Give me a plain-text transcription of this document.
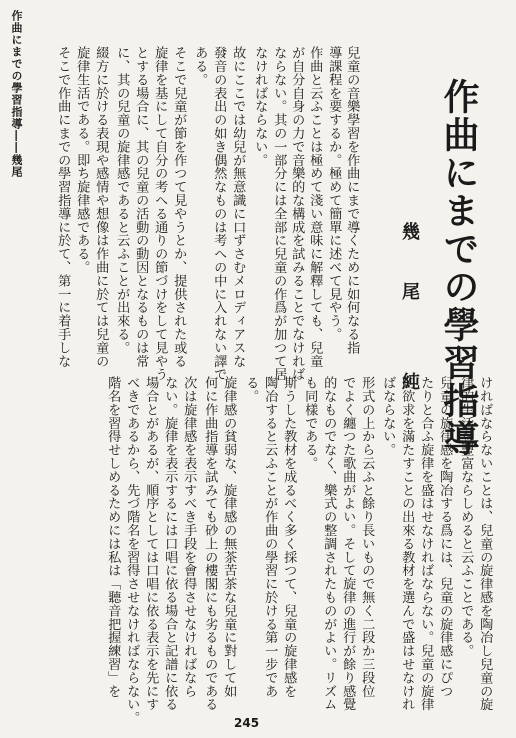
作曲にまでの學習指導――幾尾	作曲にまでの學習指導
幾　尾　　純
兒童の音樂學習を作曲にまで導くために如何なる指
導課程を要するか。極めて簡單に述べて見やう。
作曲と云ふことは極めて淺い意味に解釋しても、兒童
が自分自身の力で音樂的な構成を試みることでなければ
ならない。其の一部分には全部に兒童の作爲が加つて居
なければならない。
故にここでは幼兒が無意識に口ずさむメロディアスな
發音の表出の如き偶然なものは考への中に入れない譯で
ある。
そこで兒童が節を作つて見やうとか、提供された或る
旋律を基にして自分の考へる通りの節づけをして見やう
とする場合に、其の兒童の活動の動因となるものは常
に、其の兒童の旋律感であると云ふことが出來る。
綴方に於ける表現や感情や想像は作曲に於ては兒童の
旋律生活である。即ち旋律感である。
そこで作曲にまでの學習指導に於て、第一に着手しな
ければならないことは、兒童の旋律感を陶冶し兒童の旋
律的生活を豐富ならしめると云ふことである。
兒童の旋律感を陶冶する爲には、兒童の旋律感にぴつ
たりと合ふ旋律を盛はせなければならない。兒童の旋律
的欲求を滿たすことの出來る教材を選んで盛はせなけれ
ばならない。
形式の上から云ふと餘り長いもので無く二段か三段位
でよく纏つた歌曲がよい。そして旋律の進行が餘り感覺
的なものでなく、樂式の整調されたものがよい。リズム
も同樣である。
斯うした教材を成るべく多く採つて、兒童の旋律感を
陶冶すると云ふことが作曲の學習に於ける第一步であ
る。
旋律感の貧弱な、旋律感の無茶苦茶な兒童に對して如
何に作曲指導を試みても砂上の樓閣にも劣るものである
次は旋律感を表示すべき手段を會得させなければなら
ない。旋律を表示するには口唱に依る場合と記譜に依る
場合とがあるが、順序としては口唱に依る表示を先にす
べきであるから、先づ階名を習得させなければならない。
階名を習得せしめるためには私は「聽音把握練習」を
245
